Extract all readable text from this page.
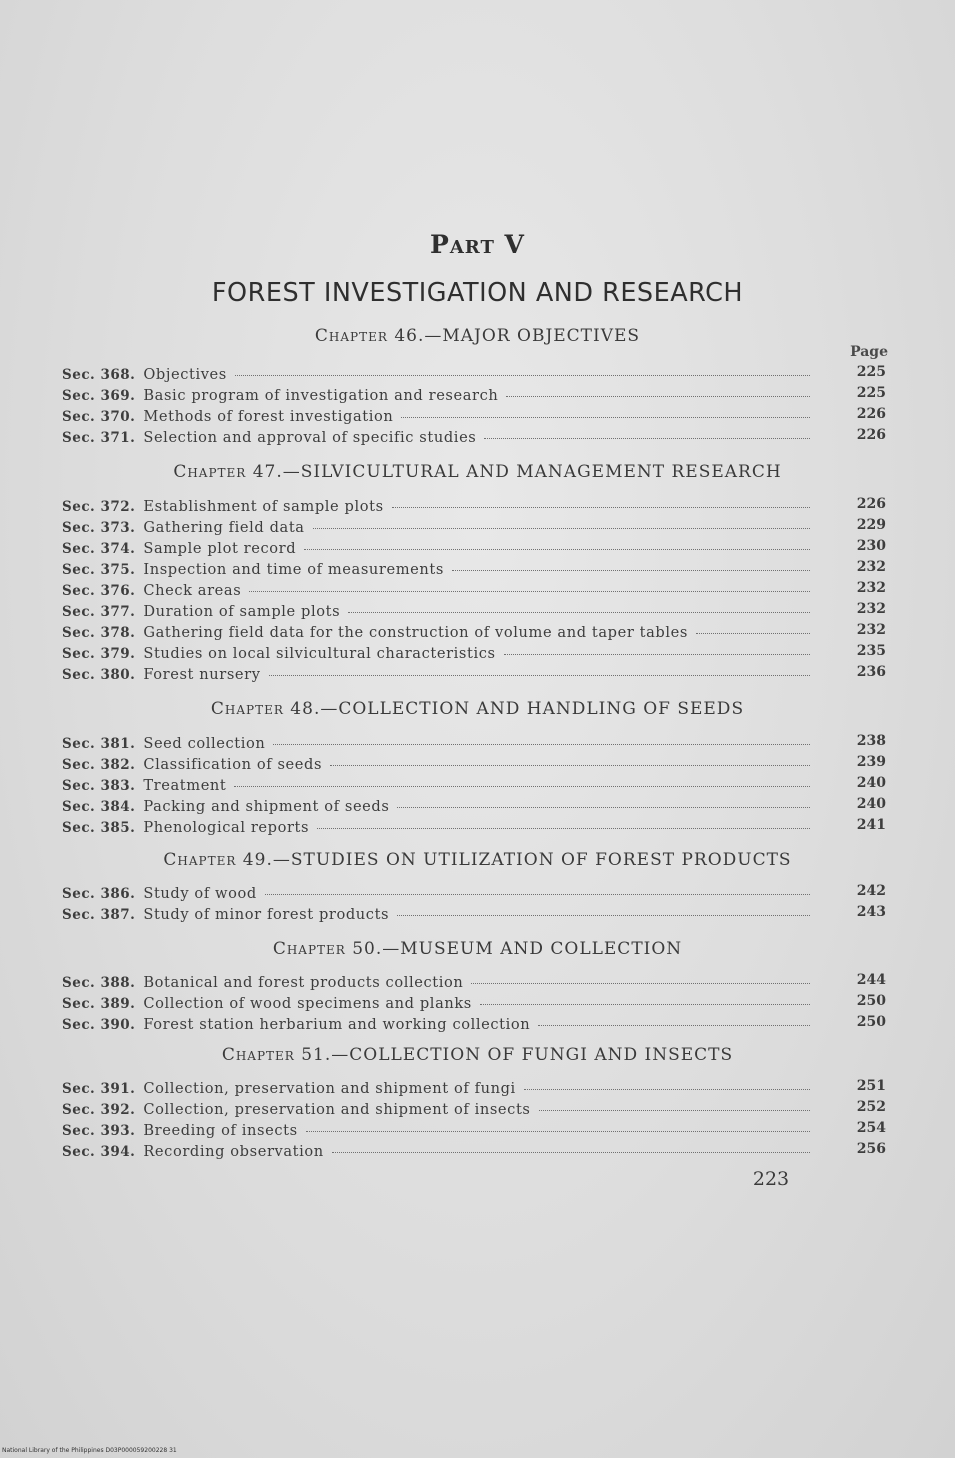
Part V
FOREST INVESTIGATION AND RESEARCH
Page
Chapter 46.—MAJOR OBJECTIVES
Sec. 368. Objectives	225
Sec. 369. Basic program of investigation and research	225
Sec. 370. Methods of forest investigation	226
Sec. 371. Selection and approval of specific studies	226
Chapter 47.—SILVICULTURAL AND MANAGEMENT RESEARCH
Sec. 372. Establishment of sample plots	226
Sec. 373. Gathering field data	229
Sec. 374. Sample plot record	230
Sec. 375. Inspection and time of measurements	232
Sec. 376. Check areas	232
Sec. 377. Duration of sample plots	232
Sec. 378. Gathering field data for the construction of volume and taper tables	232
Sec. 379. Studies on local silvicultural characteristics	235
Sec. 380. Forest nursery	236
Chapter 48.—COLLECTION AND HANDLING OF SEEDS
Sec. 381. Seed collection	238
Sec. 382. Classification of seeds	239
Sec. 383. Treatment	240
Sec. 384. Packing and shipment of seeds	240
Sec. 385. Phenological reports	241
Chapter 49.—STUDIES ON UTILIZATION OF FOREST PRODUCTS
Sec. 386. Study of wood	242
Sec. 387. Study of minor forest products	243
Chapter 50.—MUSEUM AND COLLECTION
Sec. 388. Botanical and forest products collection	244
Sec. 389. Collection of wood specimens and planks	250
Sec. 390. Forest station herbarium and working collection	250
Chapter 51.—COLLECTION OF FUNGI AND INSECTS
Sec. 391. Collection, preservation and shipment of fungi	251
Sec. 392. Collection, preservation and shipment of insects	252
Sec. 393. Breeding of insects	254
Sec. 394. Recording observation	256
223
National Library of the Philippines D03P000059200228 31
